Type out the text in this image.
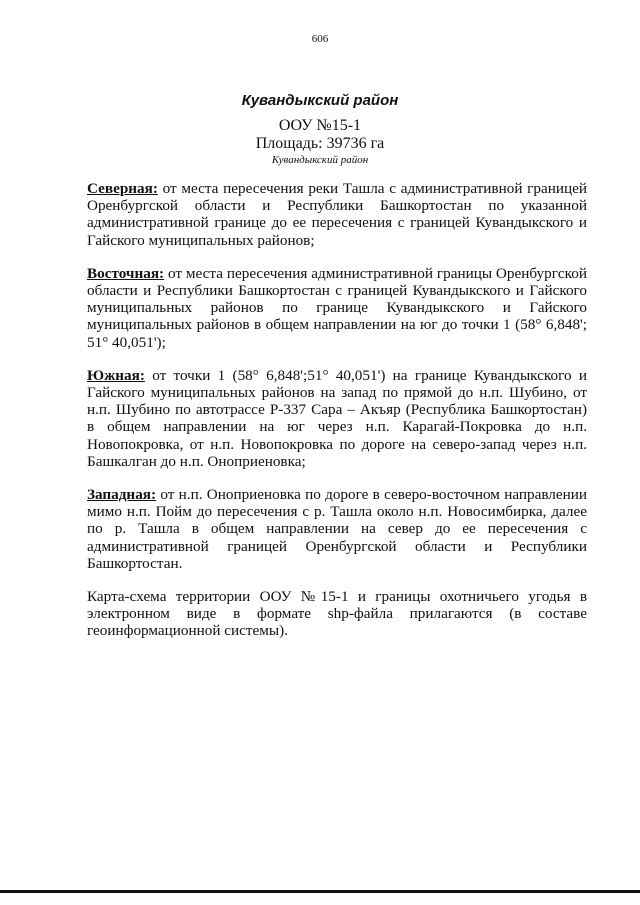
606
Кувандыкский район
ООУ №15-1
Площадь: 39736 га
Кувандыкский район

Северная: от места пересечения реки Ташла с административной границей Оренбургской области и Республики Башкортостан по указанной административной границе до ее пересечения с границей Кувандыкского и Гайского муниципальных районов;

Восточная: от места пересечения административной границы Оренбургской области и Республики Башкортостан с границей Кувандыкского и Гайского муниципальных районов по границе Кувандыкского и Гайского муниципальных районов в общем направлении на юг до точки 1 (58° 6,848'; 51° 40,051');

Южная: от точки 1 (58° 6,848';51° 40,051') на границе Кувандыкского и Гайского муниципальных районов на запад по прямой до н.п. Шубино, от н.п. Шубино по автотрассе Р-337 Сара – Акъяр (Республика Башкортостан) в общем направлении на юг через н.п. Карагай-Покровка до н.п. Новопокровка, от н.п. Новопокровка по дороге на северо-запад через н.п. Башкалган до н.п. Оноприеновка;

Западная: от н.п. Оноприеновка по дороге в северо-восточном направлении мимо н.п. Пойм до пересечения с р. Ташла около н.п. Новосимбирка, далее по р. Ташла в общем направлении на север до ее пересечения с административной границей Оренбургской области и Республики Башкортостан.

Карта-схема территории ООУ №15-1 и границы охотничьего угодья в электронном виде в формате shp-файла прилагаются (в составе геоинформационной системы).
